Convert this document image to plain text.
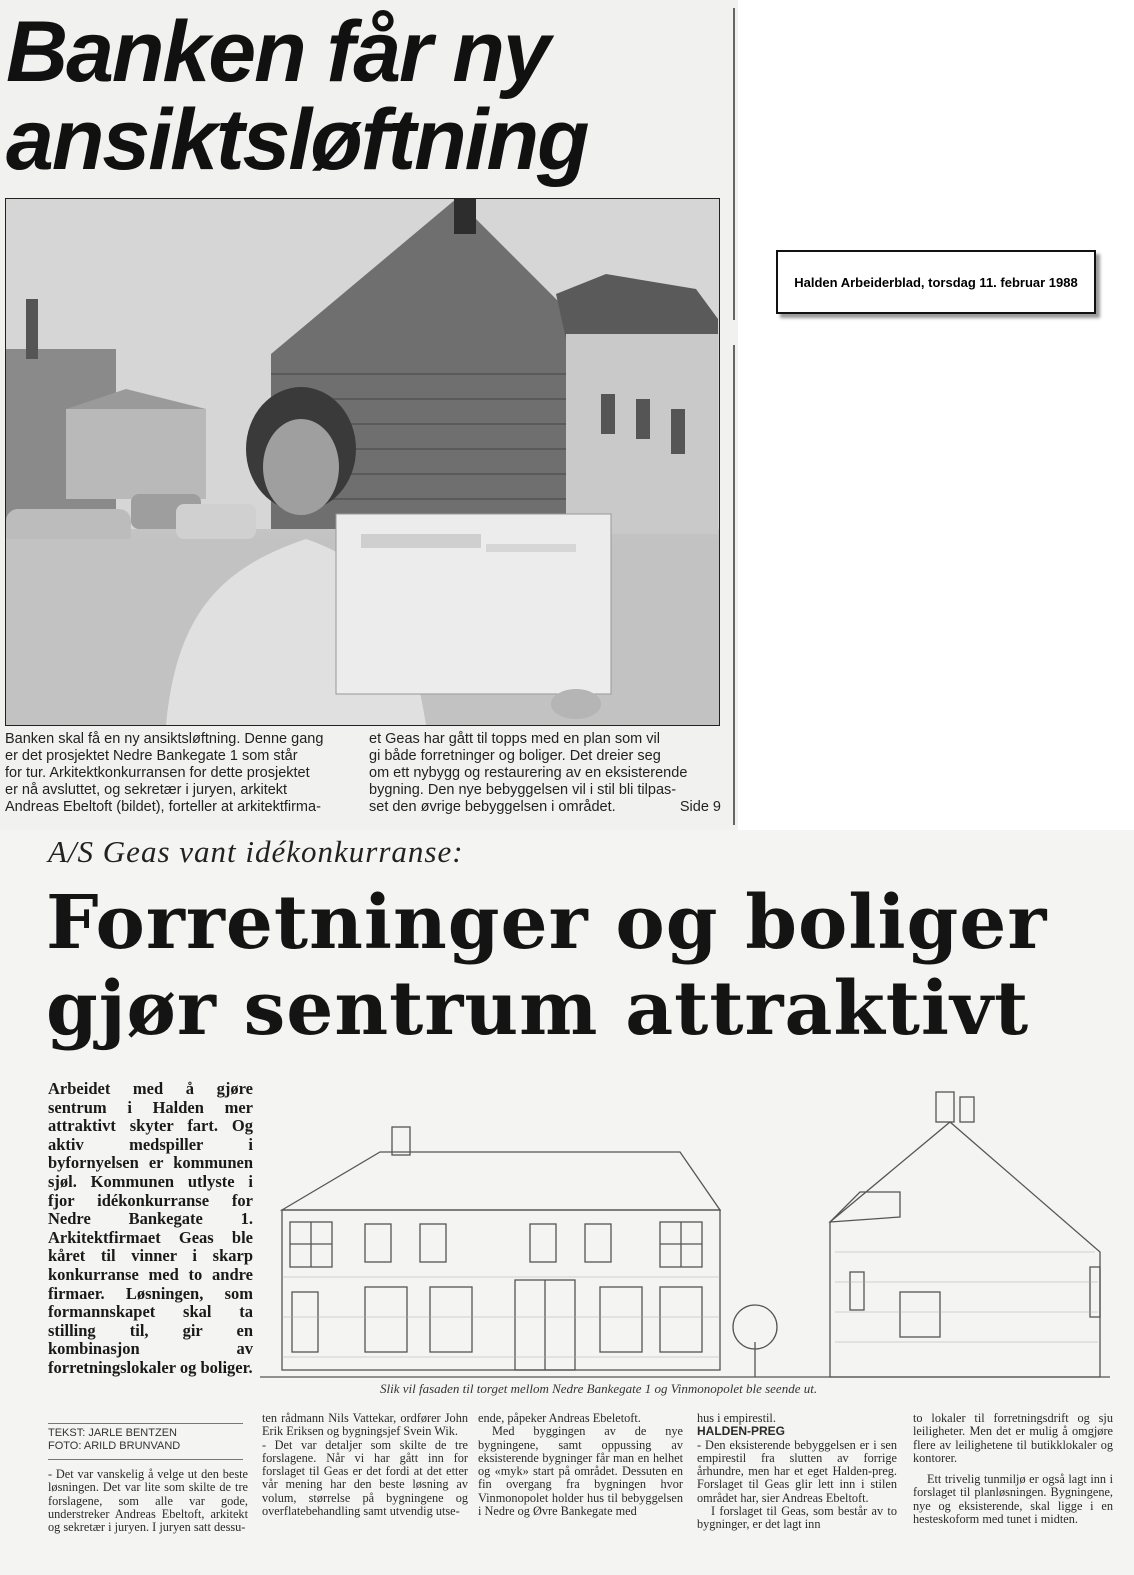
Banken får ny
ansiktsløftning

Banken skal få en ny ansiktsløftning. Denne gang
er det prosjektet Nedre Bankegate 1 som står
for tur. Arkitektkonkurransen for dette prosjektet
er nå avsluttet, og sekretær i juryen, arkitekt
Andreas Ebeltoft (bildet), forteller at arkitektfirma-

et Geas har gått til topps med en plan som vil
gi både forretninger og boliger. Det dreier seg
om ett nybygg og restaurering av en eksisterende
bygning. Den nye bebyggelsen vil i stil bli tilpas-
set den øvrige bebyggelsen i området.	Side 9

Halden Arbeiderblad, torsdag 11. februar 1988

A/S Geas vant idékonkurranse:

Forretninger og boliger
gjør sentrum attraktivt

Arbeidet med å gjøre sentrum i Halden mer attraktivt skyter fart. Og aktiv medspiller i byfornyelsen er kommunen sjøl. Kommunen utlyste i fjor idékonkurranse for Nedre Bankegate 1. Arkitektfirmaet Geas ble kåret til vinner i skarp konkurranse med to andre firmaer. Løsningen, som formannskapet skal ta stilling til, gir en kombinasjon av forretningslokaler og boliger.

Slik vil fasaden til torget mellom Nedre Bankegate 1 og Vinmonopolet ble seende ut.

TEKST: JARLE BENTZEN
FOTO: ARILD BRUNVAND

- Det var vanskelig å velge ut den beste løsningen. Det var lite som skilte de tre forslagene, som alle var gode, understreker Andreas Ebeltoft, arkitekt og sekretær i juryen. I juryen satt dessu-

ten rådmann Nils Vattekar, ordfører John Erik Eriksen og bygningsjef Svein Wik.

- Det var detaljer som skilte de tre forslagene. Når vi har gått inn for forslaget til Geas er det fordi at det etter vår mening har den beste løsning av volum, størrelse på bygningene og overflatebehandling samt utvendig utse-

ende, påpeker Andreas Ebeletoft.

Med byggingen av de nye bygningene, samt oppussing av eksisterende bygninger får man en helhet og «myk» start på området. Dessuten en fin overgang fra bygningen hvor Vinmonopolet holder hus til bebyggelsen i Nedre og Øvre Bankegate med

hus i empirestil.

HALDEN-PREG

- Den eksisterende bebyggelsen er i sen empirestil fra slutten av forrige århundre, men har et eget Halden-preg. Forslaget til Geas glir lett inn i stilen området har, sier Andreas Ebeltoft.

I forslaget til Geas, som består av to bygninger, er det lagt inn

to lokaler til forretningsdrift og sju leiligheter. Men det er mulig å omgjøre flere av leilighetene til butikklokaler og kontorer.

Ett trivelig tunmiljø er også lagt inn i forslaget til planløsningen. Bygningene, nye og eksisterende, skal ligge i en hesteskoform med tunet i midten.
